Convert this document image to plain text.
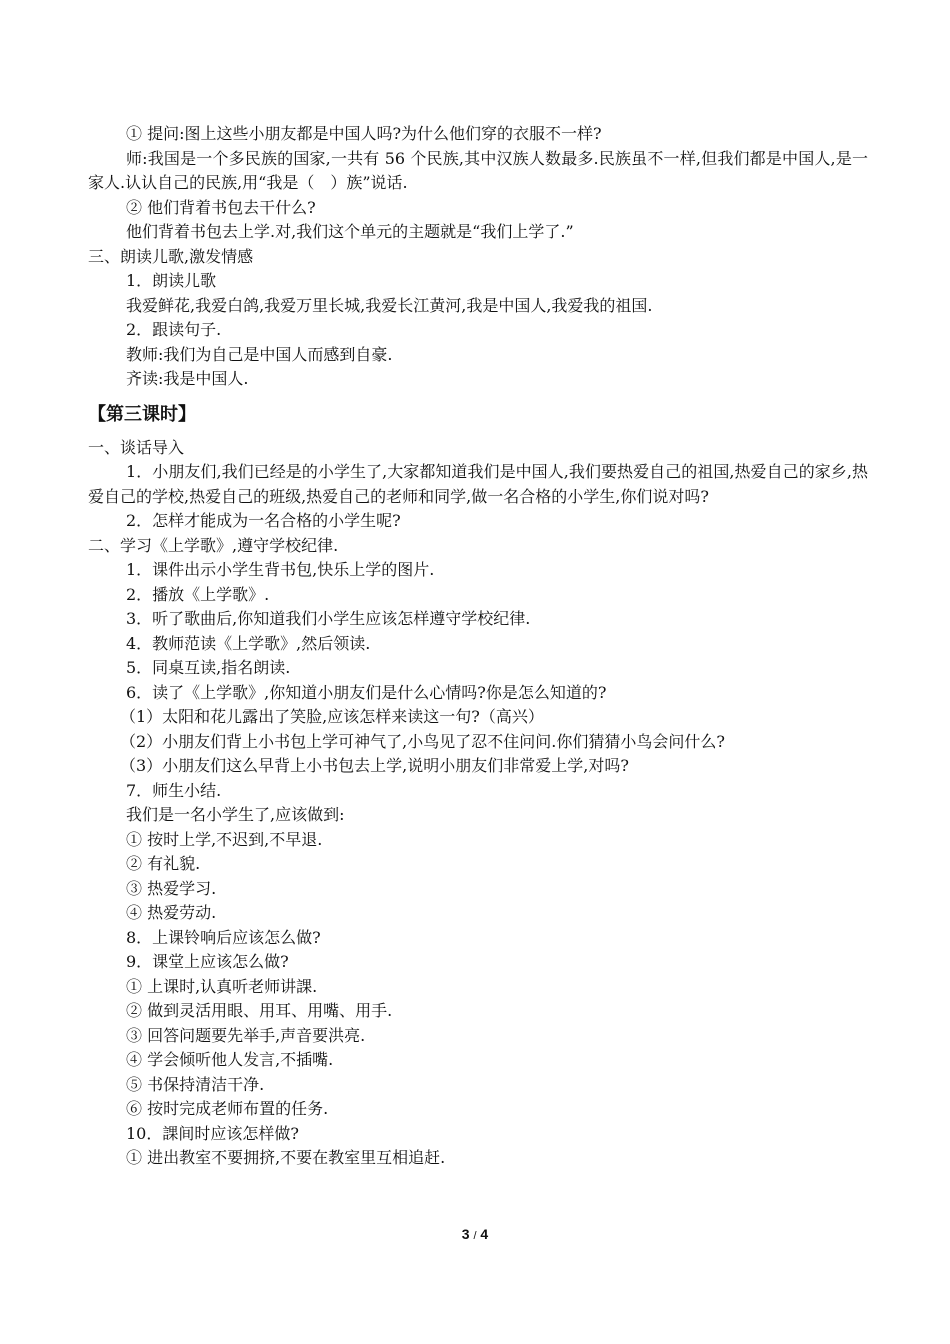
① 提问:图上这些小朋友都是中国人吗?为什么他们穿的衣服不一样?
师:我国是一个多民族的国家,一共有 56 个民族,其中汉族人数最多.民族虽不一样,但我们都是中国人,是一家人.认认自己的民族,用“我是（　）族”说话.
② 他们背着书包去干什么?
他们背着书包去上学.对,我们这个单元的主题就是“我们上学了.”
三、朗读儿歌,激发情感
1．朗读儿歌
我爱鲜花,我爱白鸽,我爱万里长城,我爱长江黄河,我是中国人,我爱我的祖国.
2．跟读句子.
教师:我们为自己是中国人而感到自豪.
齐读:我是中国人.
【第三课时】
一、谈话导入
1．小朋友们,我们已经是的小学生了,大家都知道我们是中国人,我们要热爱自己的祖国,热爱自己的家乡,热爱自己的学校,热爱自己的班级,热爱自己的老师和同学,做一名合格的小学生,你们说对吗?
2．怎样才能成为一名合格的小学生呢?
二、学习《上学歌》,遵守学校纪律.
1．课件出示小学生背书包,快乐上学的图片.
2．播放《上学歌》.
3．听了歌曲后,你知道我们小学生应该怎样遵守学校纪律.
4．教师范读《上学歌》,然后领读.
5．同桌互读,指名朗读.
6．读了《上学歌》,你知道小朋友们是什么心情吗?你是怎么知道的?
（1）太阳和花儿露出了笑脸,应该怎样来读这一句?（高兴）
（2）小朋友们背上小书包上学可神气了,小鸟见了忍不住问问.你们猜猜小鸟会问什么?
（3）小朋友们这么早背上小书包去上学,说明小朋友们非常爱上学,对吗?
7．师生小结.
我们是一名小学生了,应该做到:
① 按时上学,不迟到,不早退.
② 有礼貌.
③ 热爱学习.
④ 热爱劳动.
8．上课铃响后应该怎么做?
9．课堂上应该怎么做?
① 上课时,认真听老师讲課.
② 做到灵活用眼、用耳、用嘴、用手.
③ 回答问题要先举手,声音要洪亮.
④ 学会倾听他人发言,不插嘴.
⑤ 书保持清洁干净.
⑥ 按时完成老师布置的任务.
10．課间时应该怎样做?
① 进出教室不要拥挤,不要在教室里互相追赶.
3 / 4
